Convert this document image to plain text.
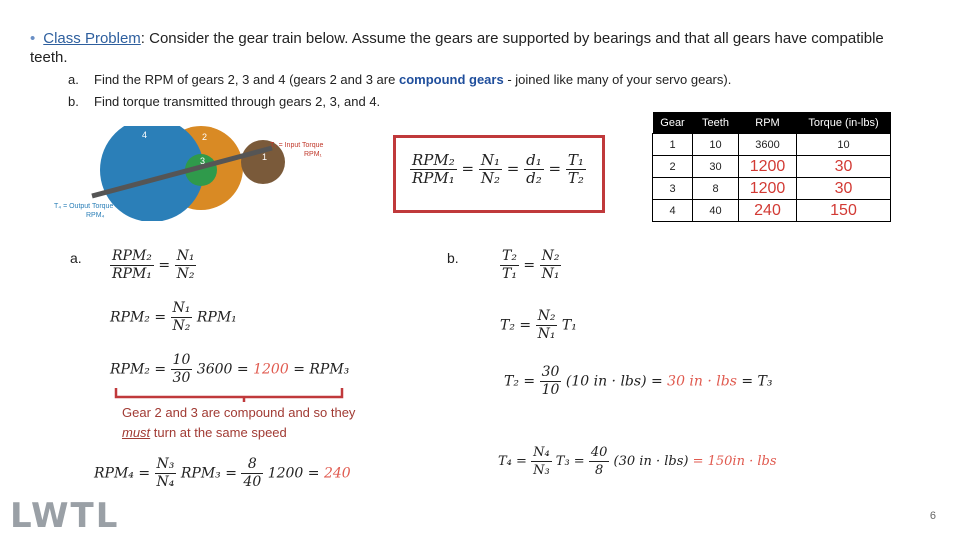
• Class Problem: Consider the gear train below. Assume the gears are supported by bearings and that all gears have compatible teeth.
a. Find the RPM of gears 2, 3 and 4 (gears 2 and 3 are compound gears - joined like many of your servo gears).
b. Find torque transmitted through gears 2, 3, and 4.
4	2
3	1
T₁ = Input Torque
RPM₁
T₄ = Output Torque
RPM₄
$\frac{\text{RPM₂}}{\text{RPM₁}} = \frac{\text{N₁}}{\text{N₂}} = \frac{\text{d₁}}{\text{d₂}} = \frac{\text{T₁}}{\text{T₂}}$
Gear	Teeth	RPM	Torque (in-lbs)
1	10	3600	10
2	30	1200	30
3	8	1200	30
4	40	240	150
a. $\frac{\text{RPM₂}}{\text{RPM₁}} = \frac{\text{N₁}}{\text{N₂}}$
$RPM_2 = \frac{\text{N₁}}{\text{N₂}} RPM_1$
$RPM_2 = \frac{10}{30} 3600 = 1200 = RPM_3$
Gear 2 and 3 are compound and so they
must turn at the same speed
$RPM_4 = \frac{\text{N₃}}{\text{N₄}} RPM_3 = \frac{8}{40} 1200 = 240$
b.	$\frac{\text{T₂}}{\text{T₁}} = \frac{\text{N₂}}{\text{N₁}}$
$T_2 = \frac{\text{N₂}}{\text{N₁}} T_1$
$T_2 = \frac{30}{10} (10$ in · lbs) = 30 in · lbs = T₃
$T_4 = \frac{\text{N₄}}{\text{N₃}} T_3 = \frac{40}{8} (30$ in · lbs) = 150in · lbs
LWTL	6
